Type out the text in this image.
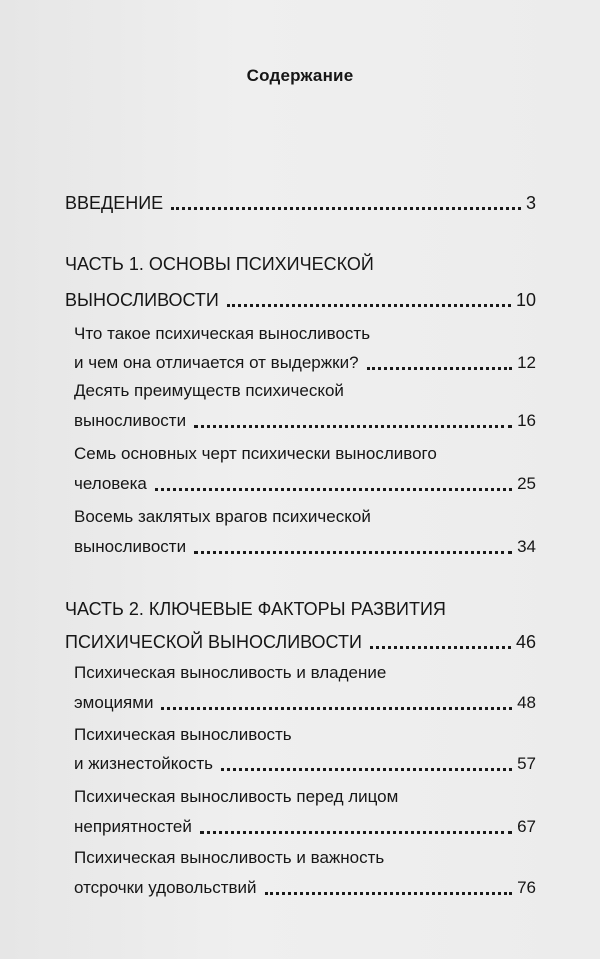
Содержание
ВВЕДЕНИЕ	3
ЧАСТЬ 1. ОСНОВЫ ПСИХИЧЕСКОЙ
ВЫНОСЛИВОСТИ	10
Что такое психическая выносливость
и чем она отличается от выдержки?	12
Десять преимуществ психической
выносливости	16
Семь основных черт психически выносливого
человека	25
Восемь заклятых врагов психической
выносливости	34
ЧАСТЬ 2. КЛЮЧЕВЫЕ ФАКТОРЫ РАЗВИТИЯ
ПСИХИЧЕСКОЙ ВЫНОСЛИВОСТИ	46
Психическая выносливость и владение
эмоциями	48
Психическая выносливость
и жизнестойкость	57
Психическая выносливость перед лицом
неприятностей	67
Психическая выносливость и важность
отсрочки удовольствий	76
